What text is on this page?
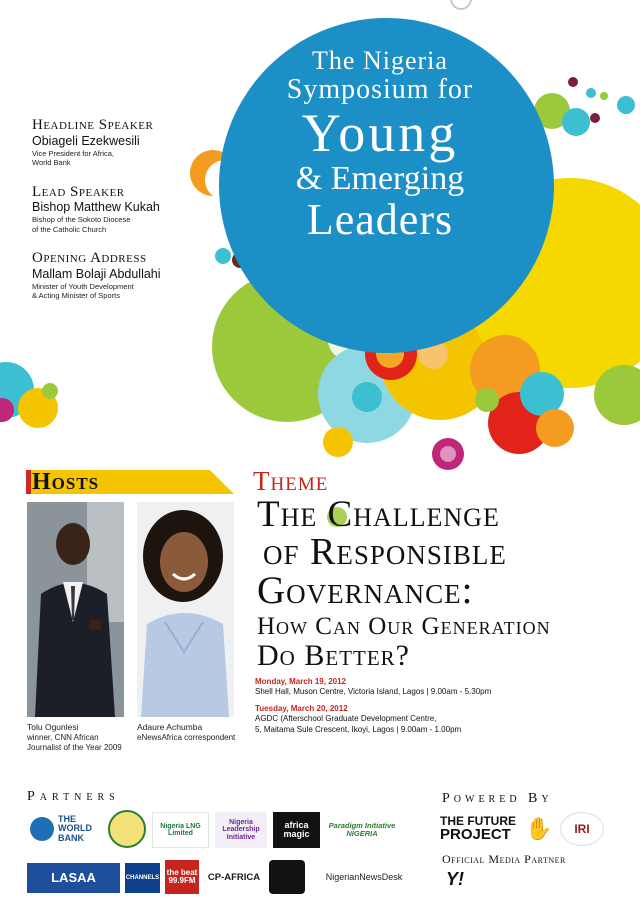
The Nigeria
Symposium for
Young
& Emerging
Leaders
Headline Speaker
Obiageli Ezekwesili
Vice President for Africa,
World Bank
Lead Speaker
Bishop Matthew Kukah
Bishop of the Sokoto Diocese
of the Catholic Church
Opening Address
Mallam Bolaji Abdullahi
Minister of Youth Development
& Acting Minister of Sports
Hosts
Tolu Ogunlesi
winner, CNN African
Journalist of the Year 2009
Adaure Achumba
eNewsAfrica correspondent
Theme
The Challenge
of Responsible
Governance:
How Can Our Generation
Do Better?
Monday, March 19, 2012
Shell Hall, Muson Centre, Victoria Island, Lagos | 9.00am - 5.30pm
Tuesday, March 20, 2012
AGDC (Afterschool Graduate Development Centre,
5, Maitama Sule Crescent, Ikoyi, Lagos | 9.00am - 1.00pm
Partners
THE WORLD BANK
Nigeria LNG Limited
Nigeria Leadership Initiative
africa magic
Paradigm Initiative NIGERIA
LASAA	CHANNELS
the beat 99.9FM	CP-AFRICA	NigerianNewsDesk
Powered By
THE FUTURE
PROJECT ✋	IRI
Official Media Partner
Y!
